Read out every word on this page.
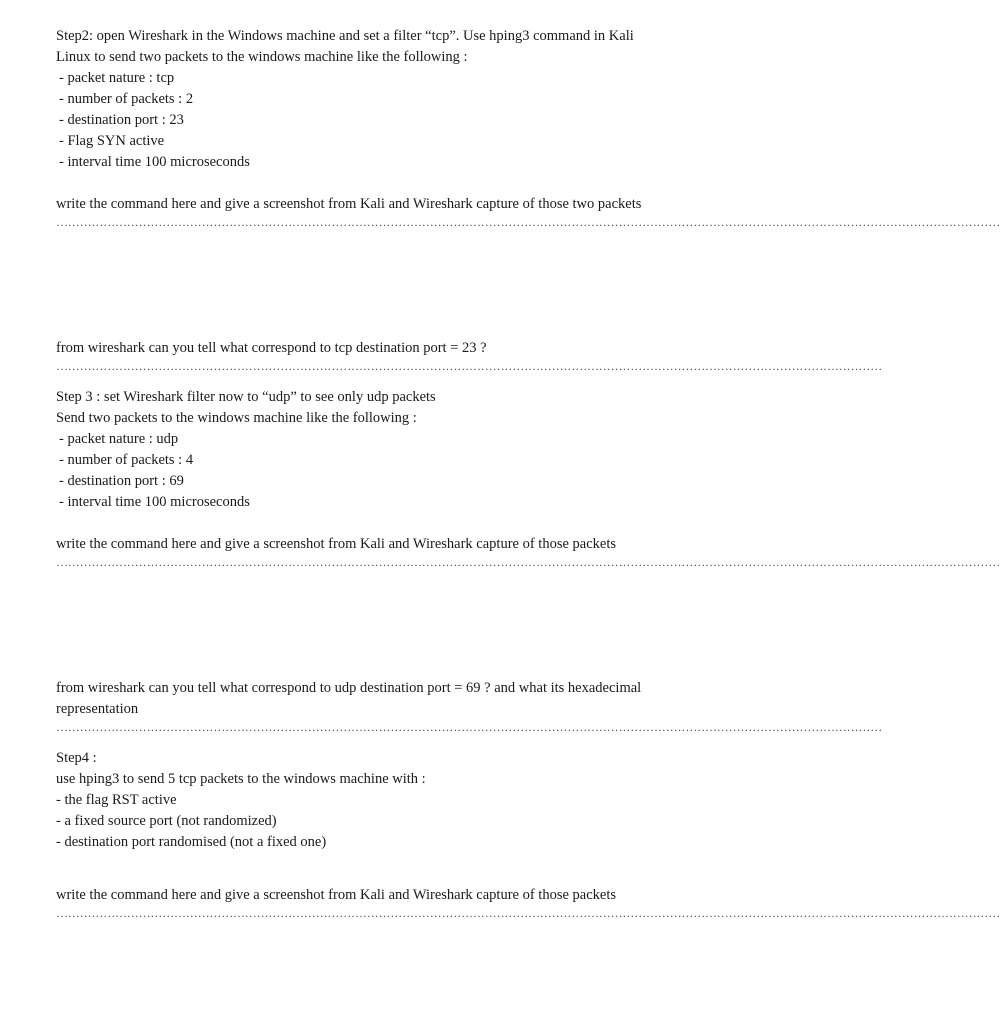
Step2: open Wireshark in the Windows machine and set a filter “tcp”. Use hping3 command in Kali
Linux to send two packets to the windows machine like the following :
- packet nature : tcp
- number of packets : 2
- destination port : 23
- Flag SYN active
- interval time 100 microseconds
write the command here and give a screenshot from Kali and Wireshark capture of those two packets
……………………………………………………………………………………………………………………………………………………………………………………………………………………
from wireshark can you tell what correspond to tcp destination port = 23 ?
…………………………………………………………………………………………………………………………………………………………………………………………
Step 3 : set Wireshark filter now to “udp” to see only udp packets
Send two packets to the windows machine like the following :
- packet nature : udp
- number of packets : 4
- destination port : 69
- interval time 100 microseconds
write the command here and give a screenshot from Kali and Wireshark capture of those packets
……………………………………………………………………………………………………………………………………………………………………………………………………………………
from wireshark can you tell what correspond to udp destination port = 69 ? and what its hexadecimal
representation
…………………………………………………………………………………………………………………………………………………………………………………………
Step4 :
use hping3 to send 5 tcp packets to the windows machine with :
- the flag RST active
- a fixed source port (not randomized)
- destination port randomised (not a fixed one)
write the command here and give a screenshot from Kali and Wireshark capture of those packets
……………………………………………………………………………………………………………………………………………………………………………………………………………………
